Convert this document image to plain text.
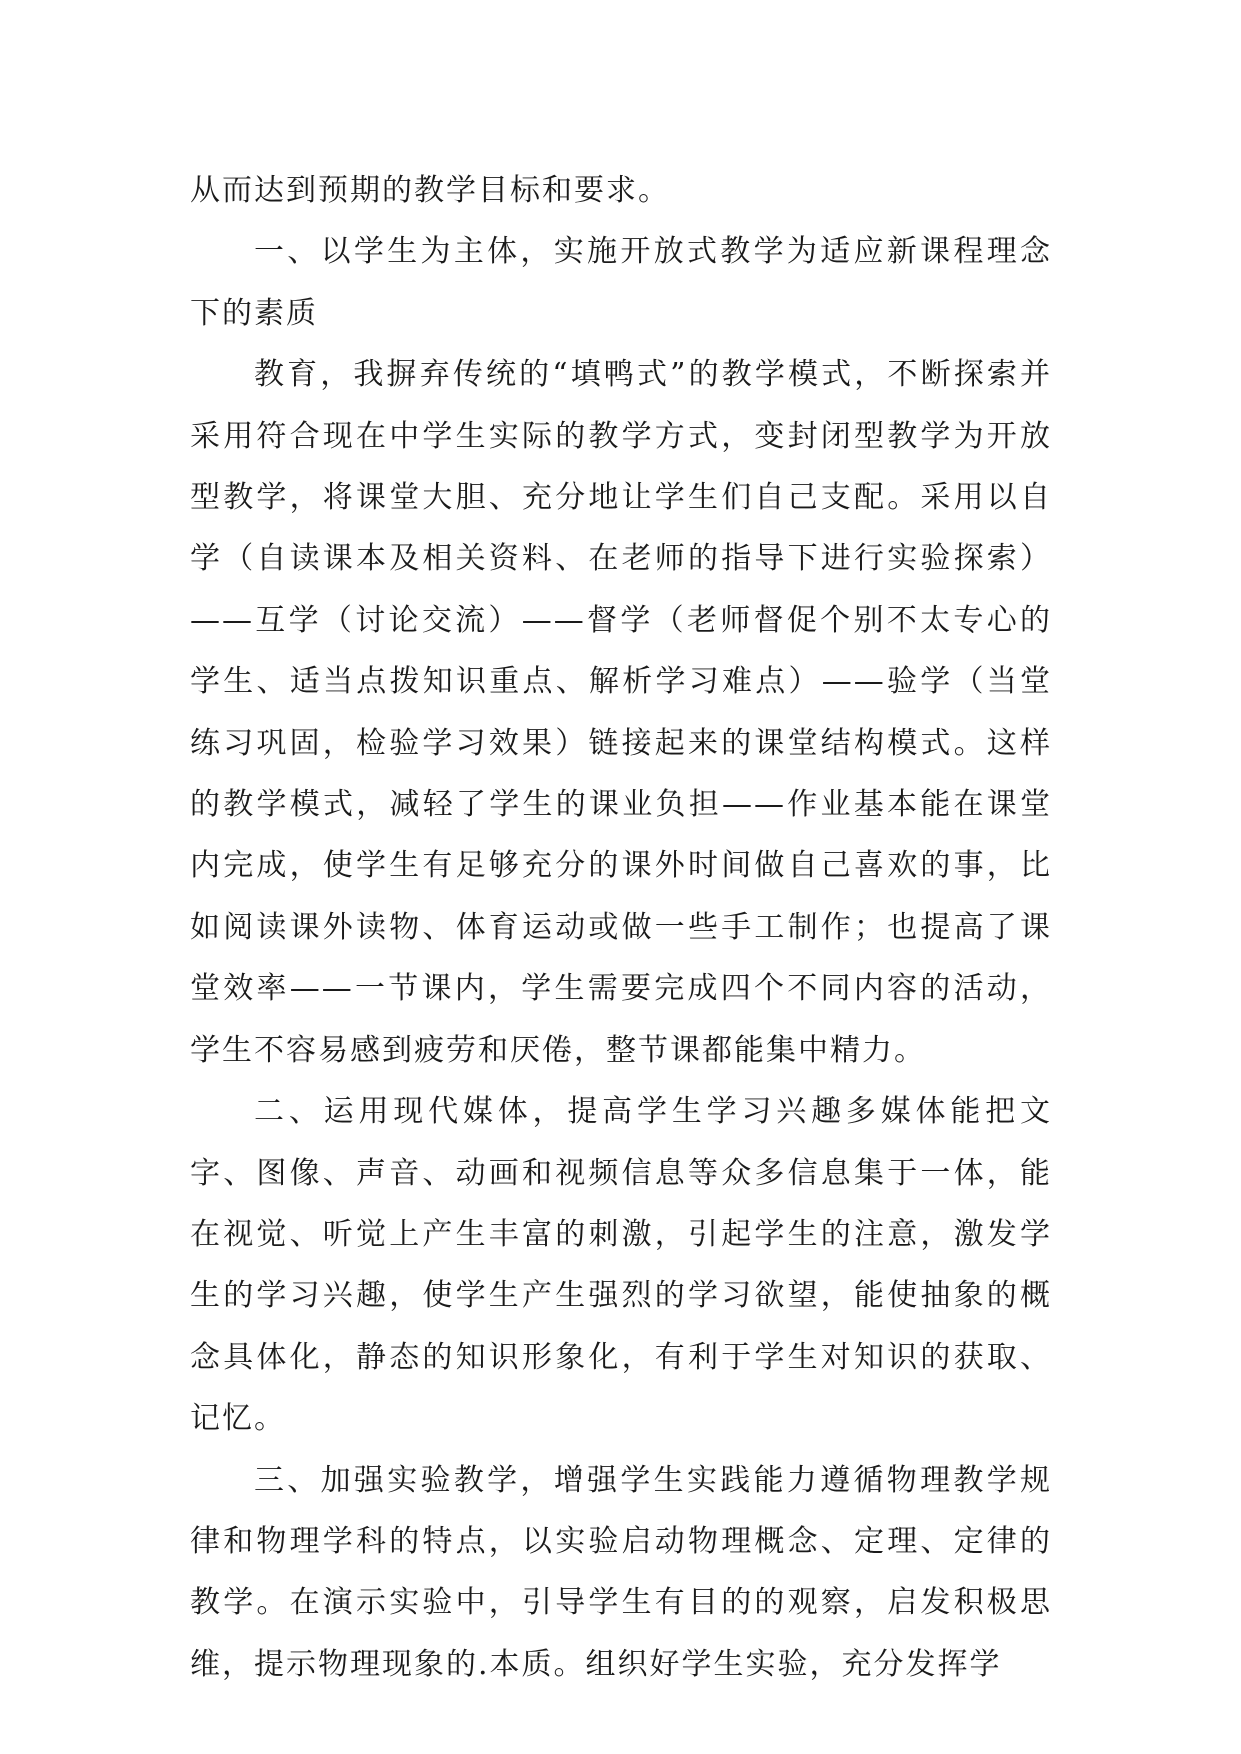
从而达到预期的教学目标和要求。

一、以学生为主体，实施开放式教学为适应新课程理念下的素质

教育，我摒弃传统的“填鸭式”的教学模式，不断探索并采用符合现在中学生实际的教学方式，变封闭型教学为开放型教学，将课堂大胆、充分地让学生们自己支配。采用以自学（自读课本及相关资料、在老师的指导下进行实验探索）——互学（讨论交流）——督学（老师督促个别不太专心的学生、适当点拨知识重点、解析学习难点）——验学（当堂练习巩固，检验学习效果）链接起来的课堂结构模式。这样的教学模式，减轻了学生的课业负担——作业基本能在课堂内完成，使学生有足够充分的课外时间做自己喜欢的事，比如阅读课外读物、体育运动或做一些手工制作；也提高了课堂效率——一节课内，学生需要完成四个不同内容的活动，学生不容易感到疲劳和厌倦，整节课都能集中精力。

二、运用现代媒体，提高学生学习兴趣多媒体能把文字、图像、声音、动画和视频信息等众多信息集于一体，能在视觉、听觉上产生丰富的刺激，引起学生的注意，激发学生的学习兴趣，使学生产生强烈的学习欲望，能使抽象的概念具体化，静态的知识形象化，有利于学生对知识的获取、记忆。

三、加强实验教学，增强学生实践能力遵循物理教学规律和物理学科的特点，以实验启动物理概念、定理、定律的教学。在演示实验中，引导学生有目的的观察，启发积极思维，提示物理现象的.本质。组织好学生实验，充分发挥学
